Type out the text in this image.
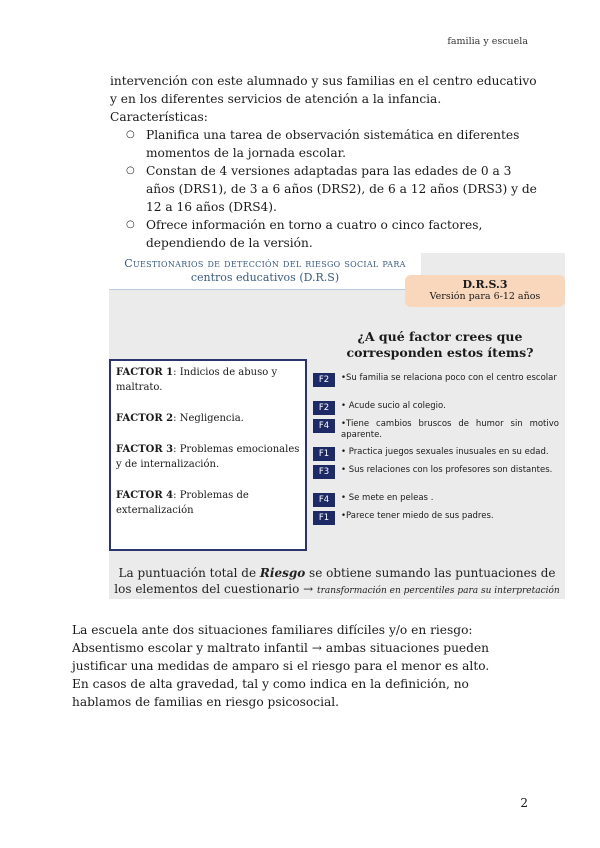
familia y escuela

intervención con este alumnado y sus familias en el centro educativo y en los diferentes servicios de atención a la infancia.

Características:

○ Planifica una tarea de observación sistemática en diferentes momentos de la jornada escolar.
○ Constan de 4 versiones adaptadas para las edades de 0 a 3 años (DRS1), de 3 a 6 años (DRS2), de 6 a 12 años (DRS3) y de 12 a 16 años (DRS4).
○ Ofrece información en torno a cuatro o cinco factores, dependiendo de la versión.
Cuestionarios de detección del riesgo social para
centros educativos (D.R.S)
D.R.S.3
Versión para 6-12 años
¿A qué factor crees que corresponden estos ítems?
FACTOR 1: Indicios de abuso y maltrato.
FACTOR 2: Negligencia.
FACTOR 3: Problemas emocionales y de internalización.
FACTOR 4: Problemas de externalización
F2	•Su familia se relaciona poco con el centro escolar
F2	• Acude sucio al colegio.
F4	•Tiene cambios bruscos de humor sin motivo aparente.
F1	• Practica juegos sexuales inusuales en su edad.
F3	• Sus relaciones con los profesores son distantes.
F4	• Se mete en peleas .
F1	•Parece tener miedo de sus padres.
La puntuación total de Riesgo se obtiene sumando las puntuaciones de los elementos del cuestionario → transformación en percentiles para su interpretación

La escuela ante dos situaciones familiares difíciles y/o en riesgo:

Absentismo escolar y maltrato infantil → ambas situaciones pueden justificar una medidas de amparo si el riesgo para el menor es alto.

En casos de alta gravedad, tal y como indica en la definición, no hablamos de familias en riesgo psicosocial.

2
